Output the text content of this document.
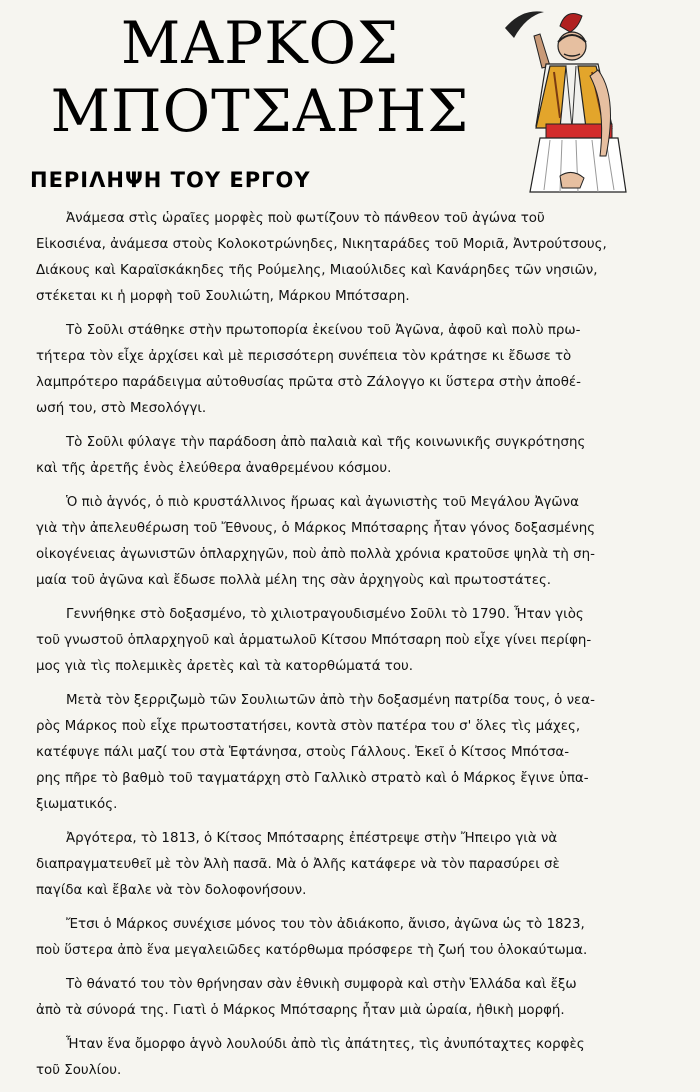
ΜΑΡΚΟΣ
ΜΠΟΤΣΑΡΗΣ
ΠΕΡΙΛΗΨΗ ΤΟΥ ΕΡΓΟΥ
Ἀνάμεσα στὶς ὡραῖες μορφὲς ποὺ φωτίζουν τὸ πάνθεον τοῦ ἀγώνα τοῦ
Εἰκοσιένα, ἀνάμεσα στοὺς Κολοκοτρώνηδες, Νικηταράδες τοῦ Μοριᾶ, Ἀντρούτσους,
Διάκους καὶ Καραϊσκάκηδες τῆς Ρούμελης, Μιαούλιδες καὶ Κανάρηδες τῶν νησιῶν,
στέκεται κι ἡ μορφὴ τοῦ Σουλιώτη, Μάρκου Μπότσαρη.
Τὸ Σοῦλι στάθηκε στὴν πρωτοπορία ἐκείνου τοῦ Ἀγῶνα, ἀφοῦ καὶ πολὺ πρω-
τήτερα τὸν εἶχε ἀρχίσει καὶ μὲ περισσότερη συνέπεια τὸν κράτησε κι ἔδωσε τὸ
λαμπρότερο παράδειγμα αὐτοθυσίας πρῶτα στὸ Ζάλογγο κι ὕστερα στὴν ἀποθέ-
ωσή του, στὸ Μεσολόγγι.
Τὸ Σοῦλι φύλαγε τὴν παράδοση ἀπὸ παλαιὰ καὶ τῆς κοινωνικῆς συγκρότησης
καὶ τῆς ἀρετῆς ἑνὸς ἐλεύθερα ἀναθρεμένου κόσμου.
Ὁ πιὸ ἁγνός, ὁ πιὸ κρυστάλλινος ἥρωας καὶ ἀγωνιστὴς τοῦ Μεγάλου Ἀγῶνα
γιὰ τὴν ἀπελευθέρωση τοῦ Ἔθνους, ὁ Μάρκος Μπότσαρης ἦταν γόνος δοξασμένης
οἰκογένειας ἀγωνιστῶν ὁπλαρχηγῶν, ποὺ ἀπὸ πολλὰ χρόνια κρατοῦσε ψηλὰ τὴ ση-
μαία τοῦ ἀγῶνα καὶ ἔδωσε πολλὰ μέλη της σὰν ἀρχηγοὺς καὶ πρωτοστάτες.
Γεννήθηκε στὸ δοξασμένο, τὸ χιλιοτραγουδισμένο Σοῦλι τὸ 1790. Ἦταν γιὸς
τοῦ γνωστοῦ ὁπλαρχηγοῦ καὶ ἁρματωλοῦ Κίτσου Μπότσαρη ποὺ εἶχε γίνει περίφη-
μος γιὰ τὶς πολεμικὲς ἀρετὲς καὶ τὰ κατορθώματά του.
Μετὰ τὸν ξερριζωμὸ τῶν Σουλιωτῶν ἀπὸ τὴν δοξασμένη πατρίδα τους, ὁ νεα-
ρὸς Μάρκος ποὺ εἶχε πρωτοστατήσει, κοντὰ στὸν πατέρα του σ' ὅλες τὶς μάχες,
κατέφυγε πάλι μαζί του στὰ Ἑφτάνησα, στοὺς Γάλλους. Ἐκεῖ ὁ Κίτσος Μπότσα-
ρης πῆρε τὸ βαθμὸ τοῦ ταγματάρχη στὸ Γαλλικὸ στρατὸ καὶ ὁ Μάρκος ἔγινε ὑπα-
ξιωματικός.
Ἀργότερα, τὸ 1813, ὁ Κίτσος Μπότσαρης ἐπέστρεψε στὴν Ἤπειρο γιὰ νὰ
διαπραγματευθεῖ μὲ τὸν Ἀλὴ πασᾶ. Μὰ ὁ Ἀλῆς κατάφερε νὰ τὸν παρασύρει σὲ
παγίδα καὶ ἔβαλε νὰ τὸν δολοφονήσουν.
Ἔτσι ὁ Μάρκος συνέχισε μόνος του τὸν ἀδιάκοπο, ἄνισο, ἀγῶνα ὡς τὸ 1823,
ποὺ ὕστερα ἀπὸ ἕνα μεγαλειῶδες κατόρθωμα πρόσφερε τὴ ζωή του ὁλοκαύτωμα.
Τὸ θάνατό του τὸν θρήνησαν σὰν ἐθνικὴ συμφορὰ καὶ στὴν Ἑλλάδα καὶ ἔξω
ἀπὸ τὰ σύνορά της. Γιατὶ ὁ Μάρκος Μπότσαρης ἦταν μιὰ ὡραία, ἠθικὴ μορφή.
Ἦταν ἕνα ὄμορφο ἁγνὸ λουλούδι ἀπὸ τὶς ἀπάτητες, τὶς ἀνυπόταχτες κορφὲς
τοῦ Σουλίου.
